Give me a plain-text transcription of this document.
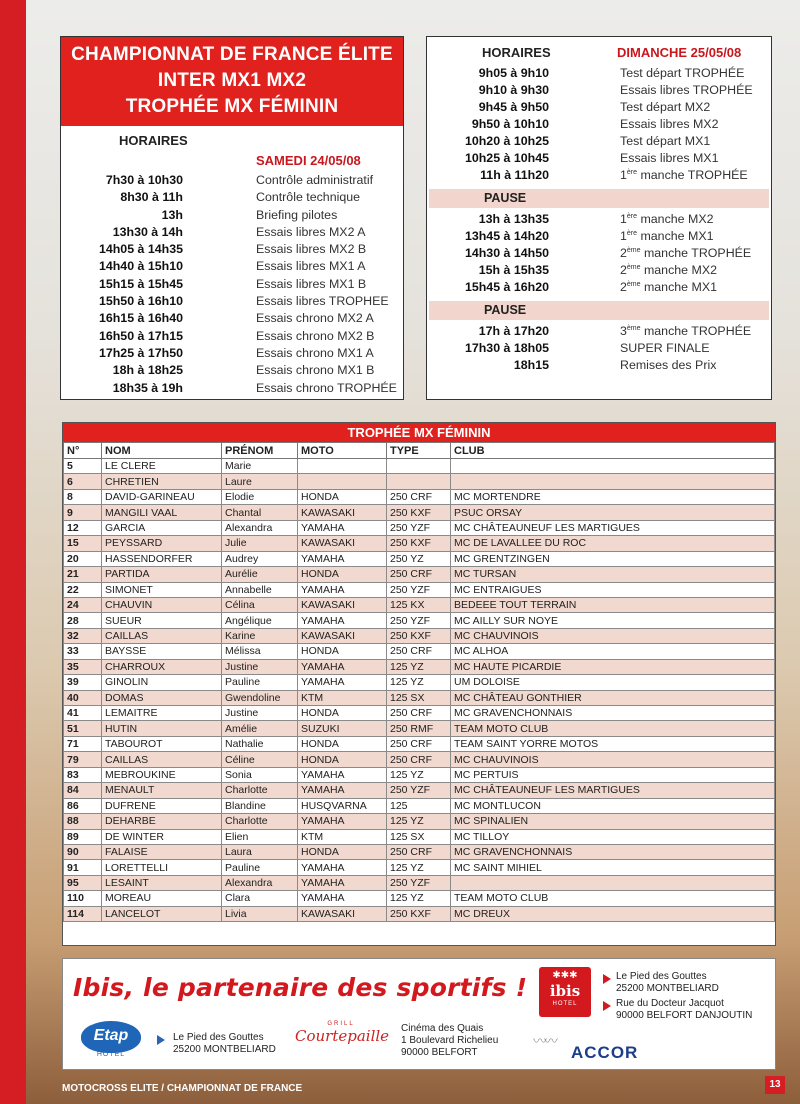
CHAMPIONNAT DE FRANCE ÉLITE
INTER MX1 MX2
TROPHÉE MX FÉMININ
HORAIRES
SAMEDI 24/05/08
7h30 à 10h30	Contrôle administratif
8h30 à 11h	Contrôle technique
13h	Briefing pilotes
13h30 à 14h	Essais libres MX2 A
14h05 à 14h35	Essais libres MX2 B
14h40 à 15h10	Essais libres MX1 A
15h15 à 15h45	Essais libres MX1 B
15h50 à 16h10	Essais libres TROPHEE
16h15 à 16h40	Essais chrono MX2 A
16h50 à 17h15	Essais chrono MX2 B
17h25 à 17h50	Essais chrono MX1 A
18h à 18h25	Essais chrono MX1 B
18h35 à 19h	Essais chrono TROPHÉE
HORAIRES	DIMANCHE 25/05/08
9h05 à 9h10	Test départ TROPHÉE
9h10 à 9h30	Essais libres TROPHÉE
9h45 à 9h50	Test départ MX2
9h50 à 10h10	Essais libres MX2
10h20 à 10h25	Test départ MX1
10h25 à 10h45	Essais libres MX1
11h à 11h20	1ère manche TROPHÉE
PAUSE
13h à 13h35	1ère manche MX2
13h45 à 14h20	1ère manche MX1
14h30 à 14h50	2ème manche TROPHÉE
15h à 15h35	2ème manche MX2
15h45 à 16h20	2ème manche MX1
PAUSE
17h à 17h20	3ème manche TROPHÉE
17h30 à 18h05	SUPER FINALE
18h15	Remises des Prix
TROPHÉE MX FÉMININ
N°	NOM	PRÉNOM	MOTO	TYPE	CLUB
5	LE CLERE	Marie			
6	CHRETIEN	Laure			
8	DAVID-GARINEAU	Elodie	HONDA	250 CRF	MC MORTENDRE
9	MANGILI VAAL	Chantal	KAWASAKI	250 KXF	PSUC ORSAY
12	GARCIA	Alexandra	YAMAHA	250 YZF	MC CHÂTEAUNEUF LES MARTIGUES
15	PEYSSARD	Julie	KAWASAKI	250 KXF	MC DE LAVALLEE DU ROC
20	HASSENDORFER	Audrey	YAMAHA	250 YZ	MC GRENTZINGEN
21	PARTIDA	Aurélie	HONDA	250 CRF	MC TURSAN
22	SIMONET	Annabelle	YAMAHA	250 YZF	MC ENTRAIGUES
24	CHAUVIN	Célina	KAWASAKI	125 KX	BEDEEE TOUT TERRAIN
28	SUEUR	Angélique	YAMAHA	250 YZF	MC AILLY SUR NOYE
32	CAILLAS	Karine	KAWASAKI	250 KXF	MC CHAUVINOIS
33	BAYSSE	Mélissa	HONDA	250 CRF	MC ALHOA
35	CHARROUX	Justine	YAMAHA	125 YZ	MC HAUTE PICARDIE
39	GINOLIN	Pauline	YAMAHA	125 YZ	UM DOLOISE
40	DOMAS	Gwendoline	KTM	125 SX	MC CHÂTEAU GONTHIER
41	LEMAITRE	Justine	HONDA	250 CRF	MC GRAVENCHONNAIS
51	HUTIN	Amélie	SUZUKI	250 RMF	TEAM MOTO CLUB
71	TABOUROT	Nathalie	HONDA	250 CRF	TEAM SAINT YORRE MOTOS
79	CAILLAS	Céline	HONDA	250 CRF	MC CHAUVINOIS
83	MEBROUKINE	Sonia	YAMAHA	125 YZ	MC PERTUIS
84	MENAULT	Charlotte	YAMAHA	250 YZF	MC CHÂTEAUNEUF LES MARTIGUES
86	DUFRENE	Blandine	HUSQVARNA	125	MC MONTLUCON
88	DEHARBE	Charlotte	YAMAHA	125 YZ	MC SPINALIEN
89	DE WINTER	Elien	KTM	125 SX	MC TILLOY
90	FALAISE	Laura	HONDA	250 CRF	MC GRAVENCHONNAIS
91	LORETTELLI	Pauline	YAMAHA	125 YZ	MC SAINT MIHIEL
95	LESAINT	Alexandra	YAMAHA	250 YZF	
110	MOREAU	Clara	YAMAHA	125 YZ	TEAM MOTO CLUB
114	LANCELOT	Livia	KAWASAKI	250 KXF	MC DREUX
Ibis, le partenaire des sportifs !	✱✱✱
ibis
HOTEL
Le Pied des Gouttes
25200 MONTBELIARD
Rue du Docteur Jacquot
90000 BELFORT DANJOUTIN
Etap
HOTEL
Le Pied des Gouttes
25200 MONTBELIARD
GRILL
Courtepaille Cinéma des Quais
1 Boulevard Richelieu
90000 BELFORT
〰〰
ACCOR
MOTOCROSS ELITE / CHAMPIONNAT DE FRANCE	13
